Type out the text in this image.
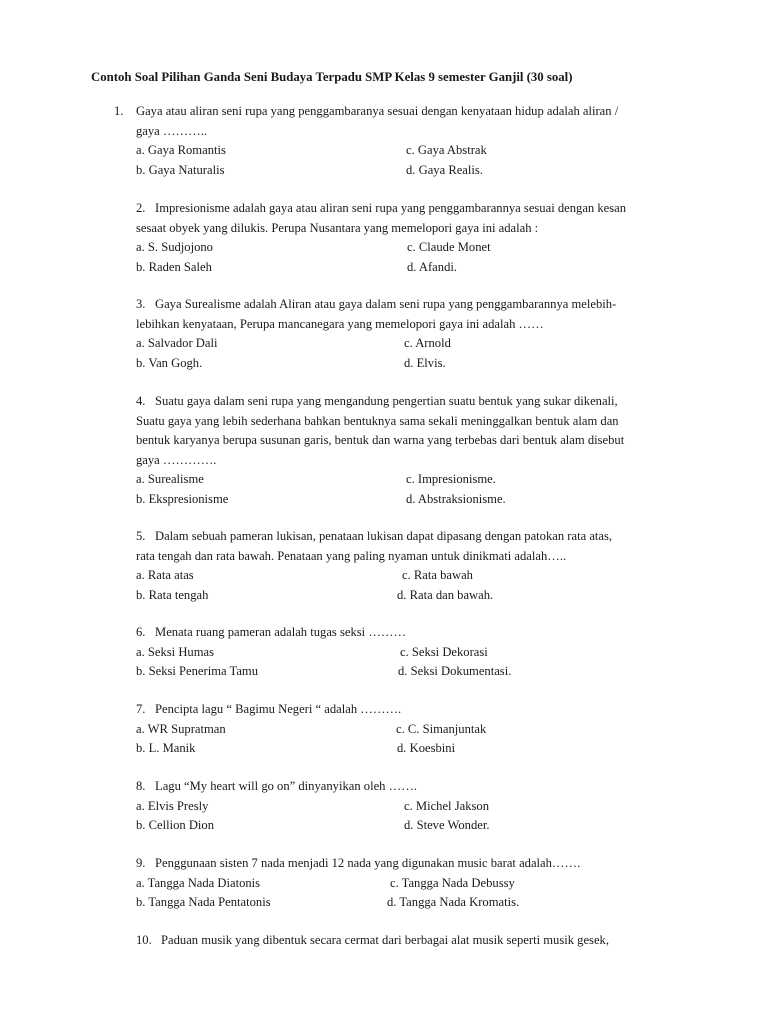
Contoh Soal Pilihan Ganda Seni Budaya Terpadu SMP Kelas 9 semester Ganjil (30 soal)
1. Gaya atau aliran seni rupa yang penggambaranya sesuai dengan kenyataan hidup adalah aliran /
gaya ………..
a. Gaya Romantis	c. Gaya Abstrak
b. Gaya Naturalis	d. Gaya Realis.
2. Impresionisme adalah gaya atau aliran seni rupa yang penggambarannya sesuai dengan kesan
sesaat obyek yang dilukis. Perupa Nusantara yang memelopori gaya ini adalah :
a. S. Sudjojono	c. Claude Monet
b. Raden Saleh	d. Afandi.
3. Gaya Surealisme adalah Aliran atau gaya dalam seni rupa yang penggambarannya melebih-
lebihkan kenyataan, Perupa mancanegara yang memelopori gaya ini adalah ……
a. Salvador Dali	c. Arnold
b. Van Gogh.	d. Elvis.
4. Suatu gaya dalam seni rupa yang mengandung pengertian suatu bentuk yang sukar dikenali,
Suatu gaya yang lebih sederhana bahkan bentuknya sama sekali meninggalkan bentuk alam dan
bentuk karyanya berupa susunan garis, bentuk dan warna yang terbebas dari bentuk alam disebut
gaya ………….
a. Surealisme	c. Impresionisme.
b. Ekspresionisme	d. Abstraksionisme.
5. Dalam sebuah pameran lukisan, penataan lukisan dapat dipasang dengan patokan rata atas,
rata tengah dan rata bawah. Penataan yang paling nyaman untuk dinikmati adalah…..
a. Rata atas	c. Rata bawah
b. Rata tengah	d. Rata dan bawah.
6. Menata ruang pameran adalah tugas seksi ………
a. Seksi Humas	c. Seksi Dekorasi
b. Seksi Penerima Tamu	d. Seksi Dokumentasi.
7. Pencipta lagu “ Bagimu Negeri “ adalah ……….
a. WR Supratman	c. C. Simanjuntak
b. L. Manik	d. Koesbini
8. Lagu “My heart will go on” dinyanyikan oleh …….
a. Elvis Presly	c. Michel Jakson
b. Cellion Dion	d. Steve Wonder.
9. Penggunaan sisten 7 nada menjadi 12 nada yang digunakan music barat adalah…….
a. Tangga Nada Diatonis	c. Tangga Nada Debussy
b. Tangga Nada Pentatonis	d. Tangga Nada Kromatis.
10. Paduan musik yang dibentuk secara cermat dari berbagai alat musik seperti musik gesek,
